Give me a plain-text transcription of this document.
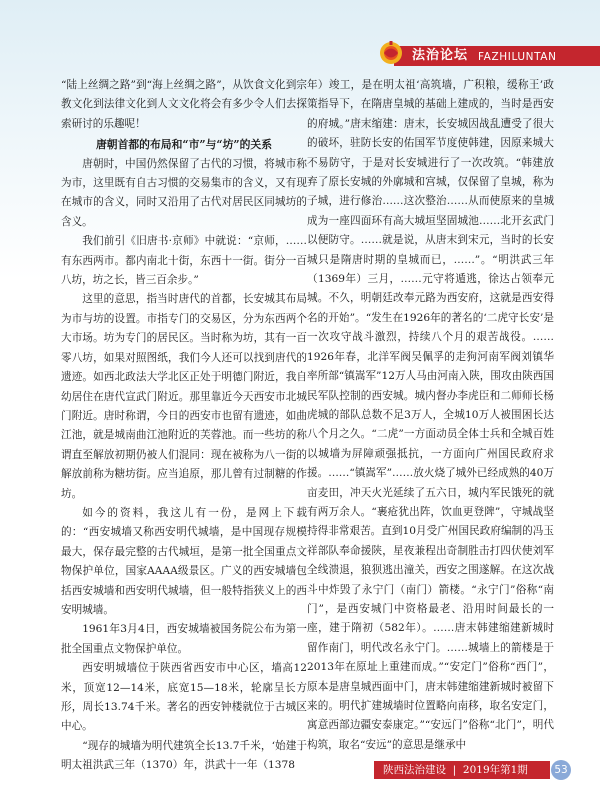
法治论坛 FAZHILUNTAN

“陆上丝绸之路”到“海上丝绸之路”，从饮食文化到宗教文化到法律文化到人文文化将会有多少令人们去探索研讨的乐趣呢！

唐朝首都的布局和“市”与“坊”的关系

唐朝时，中国仍然保留了古代的习惯，将城市称为市，这里既有自古习惯的交易集市的含义，又有现在城市的含义，同时又沿用了古代对居民区同城坊的含义。

我们前引《旧唐书·京师》中就说：“京师，……有东西两市。都内南北十街，东西十一街。街分一百八坊，坊之长，皆三百余步。”

这里的意思，指当时唐代的首都，长安城其布局为市与坊的设置。市指专门的交易区，分为东西两个大市场。坊为专门的居民区。当时称为坊，其有一百零八坊，如果对照图纸，我们今人还可以找到唐代的遗迹。如西北政法大学北区正处于明德门附近，我自幼居住在唐代宣武门附近。那里靠近今天西安市北城门附近。唐时称谓，今日的西安市也留有遗迹，如曲江池，就是城南曲江池附近的芙蓉池。而一些坊的称谓直至解放初期仍被人们混同：现在被称为八一街的解放前称为糖坊街。应当追原，那儿曾有过制糖的作坊。

如今的资料，我这儿有一份，是网上下载的：“西安城墙又称西安明代城墙，是中国现存规模最大，保存最完整的古代城垣，是第一批全国重点文物保护单位，国家AAAA级景区。广义的西安城墙包括西安城墙和西安明代城墙，但一般特指狭义上的西安明城墙。

1961年3月4日，西安城墙被国务院公布为第一批全国重点文物保护单位。

西安明城墙位于陕西省西安市中心区，墙高12米，顶宽12—14米，底宽15—18米，轮廓呈长方形，周长13.74千米。著名的西安钟楼就位于古城区中心。

“现存的城墙为明代建筑全长13.7千米，‘始建于明太祖洪武三年（1370）年，洪武十一年（1378

年）竣工，是在明太祖‘高筑墙，广积粮，缓称王’政策指导下，在隋唐皇城的基础上建成的，当时是西安的府城。”唐末缩建：唐末，长安城因战乱遭受了很大的破坏，驻防长安的佑国军节度使韩建，因原来城大不易防守，于是对长安城进行了一次改筑。“韩建放弃了原长安城的外廓城和宫城，仅保留了皇城，称为子城，进行修治……这次整治……从而使原来的皇城成为一座四面环有高大城垣坚固城池……北开玄武门以便防守。……就是说，从唐末到宋元，当时的长安城只是隋唐时期的皇城而已，……”。“明洪武三年（1369年）三月，……元守将遁逃，徐达占领奉元城。不久，明朝廷改奉元路为西安府，这就是西安得名的开始”。“发生在1926年的著名的‘二虎守长安’是一次攻守战斗激烈，持续八个月的艰苦战役。……1926年春，北洋军阀吴佩孚的走狗河南军阀刘镇华率所部“镇嵩军”12万人马由河南入陕，围攻由陕西国民军队控制的西安城。城内督办李虎臣和二师师长杨虎城的部队总数不足3万人，全城10万人被围困长达八个月之久。“二虎”一方面动员全体士兵和全城百姓以城墙为屏障顽强抵抗，一方面向广州国民政府求援。……“镇嵩军”……放火烧了城外已经成熟的40万亩麦田，冲天火光延续了五六日，城内军民饿死的就有两万余人。“裹疮犹出阵，饮血更登陴”，守城战坚持得非常艰苦。直到10月受广州国民政府编制的冯玉祥部队奉命援陕，星夜兼程出奇制胜击打四伏使刘军全线溃退，狼狈逃出潼关，西安之围遂解。在这次战斗中炸毁了永宁门（南门）箭楼。“永宁门”俗称“南门”，是西安城门中资格最老、沿用时间最长的一座，建于隋初（582年）。……唐末韩建缩建新城时留作南门，明代改名永宁门。……城墙上的箭楼是于2013年在原址上重建而成。”“安定门”俗称“西门”，原本是唐皇城西面中门，唐末韩建缩建新城时被留下来的。明代扩建城墙时位置略向南移，取名安定门，寓意西部边疆安泰康定。”“安远门”俗称“北门”，明代构筑，取名“安远”的意思是继承中

陕西法治建设  |  2019年第1期	53
